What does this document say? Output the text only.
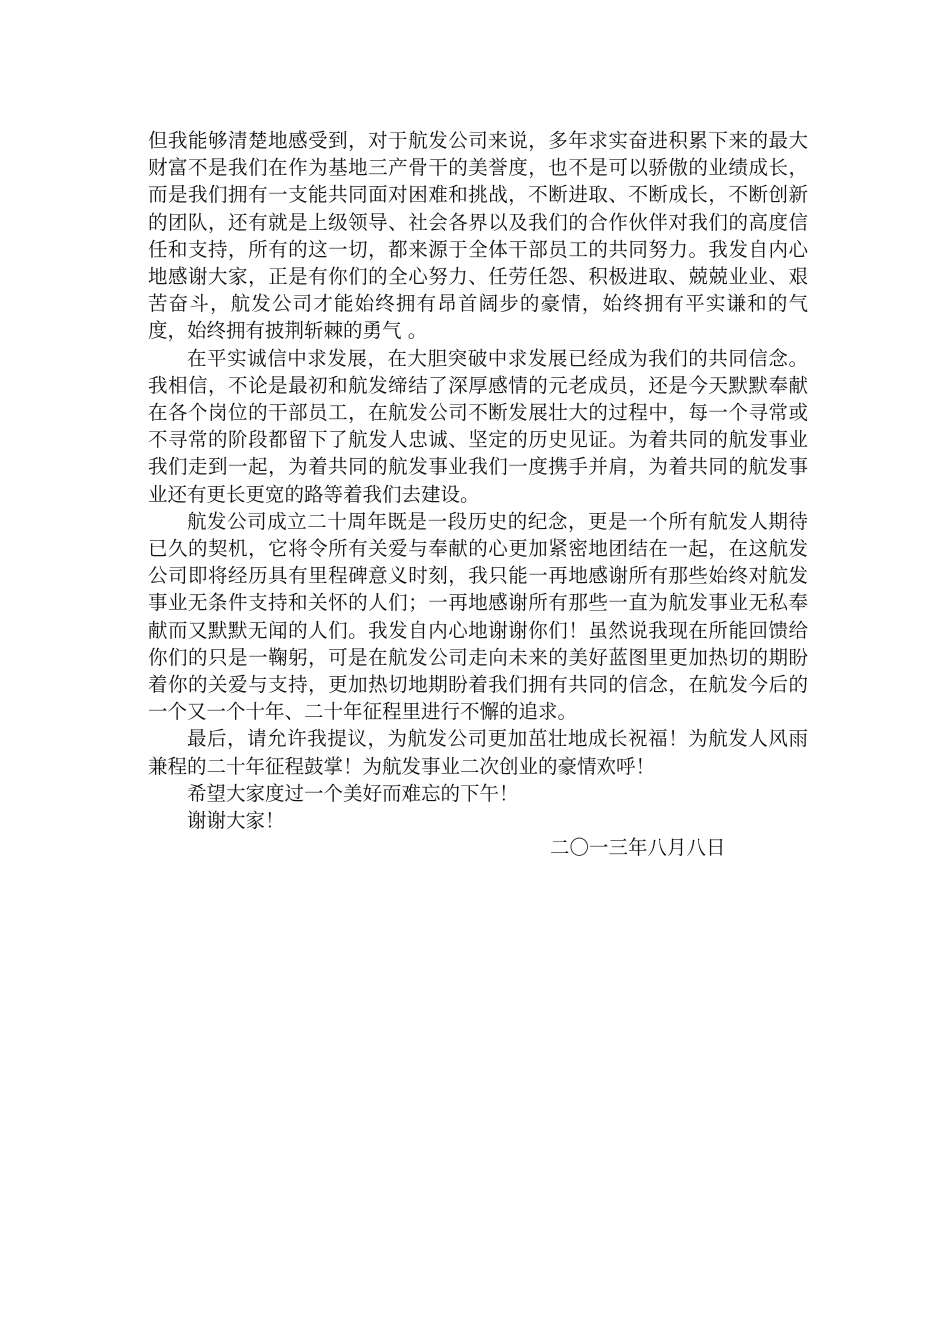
但我能够清楚地感受到，对于航发公司来说，多年求实奋进积累下来的最大财富不是我们在作为基地三产骨干的美誉度，也不是可以骄傲的业绩成长，而是我们拥有一支能共同面对困难和挑战，不断进取、不断成长，不断创新的团队，还有就是上级领导、社会各界以及我们的合作伙伴对我们的高度信任和支持，所有的这一切，都来源于全体干部员工的共同努力。我发自内心地感谢大家，正是有你们的全心努力、任劳任怨、积极进取、兢兢业业、艰苦奋斗，航发公司才能始终拥有昂首阔步的豪情，始终拥有平实谦和的气度，始终拥有披荆斩棘的勇气 。

在平实诚信中求发展，在大胆突破中求发展已经成为我们的共同信念。我相信，不论是最初和航发缔结了深厚感情的元老成员，还是今天默默奉献在各个岗位的干部员工，在航发公司不断发展壮大的过程中，每一个寻常或不寻常的阶段都留下了航发人忠诚、坚定的历史见证。为着共同的航发事业我们走到一起，为着共同的航发事业我们一度携手并肩，为着共同的航发事业还有更长更宽的路等着我们去建设。

航发公司成立二十周年既是一段历史的纪念，更是一个所有航发人期待已久的契机，它将令所有关爱与奉献的心更加紧密地团结在一起，在这航发公司即将经历具有里程碑意义时刻，我只能一再地感谢所有那些始终对航发事业无条件支持和关怀的人们；一再地感谢所有那些一直为航发事业无私奉献而又默默无闻的人们。我发自内心地谢谢你们！虽然说我现在所能回馈给你们的只是一鞠躬，可是在航发公司走向未来的美好蓝图里更加热切的期盼着你的关爱与支持，更加热切地期盼着我们拥有共同的信念，在航发今后的一个又一个十年、二十年征程里进行不懈的追求。

最后，请允许我提议，为航发公司更加茁壮地成长祝福！为航发人风雨兼程的二十年征程鼓掌！为航发事业二次创业的豪情欢呼！

希望大家度过一个美好而难忘的下午！

谢谢大家！

二〇一三年八月八日
